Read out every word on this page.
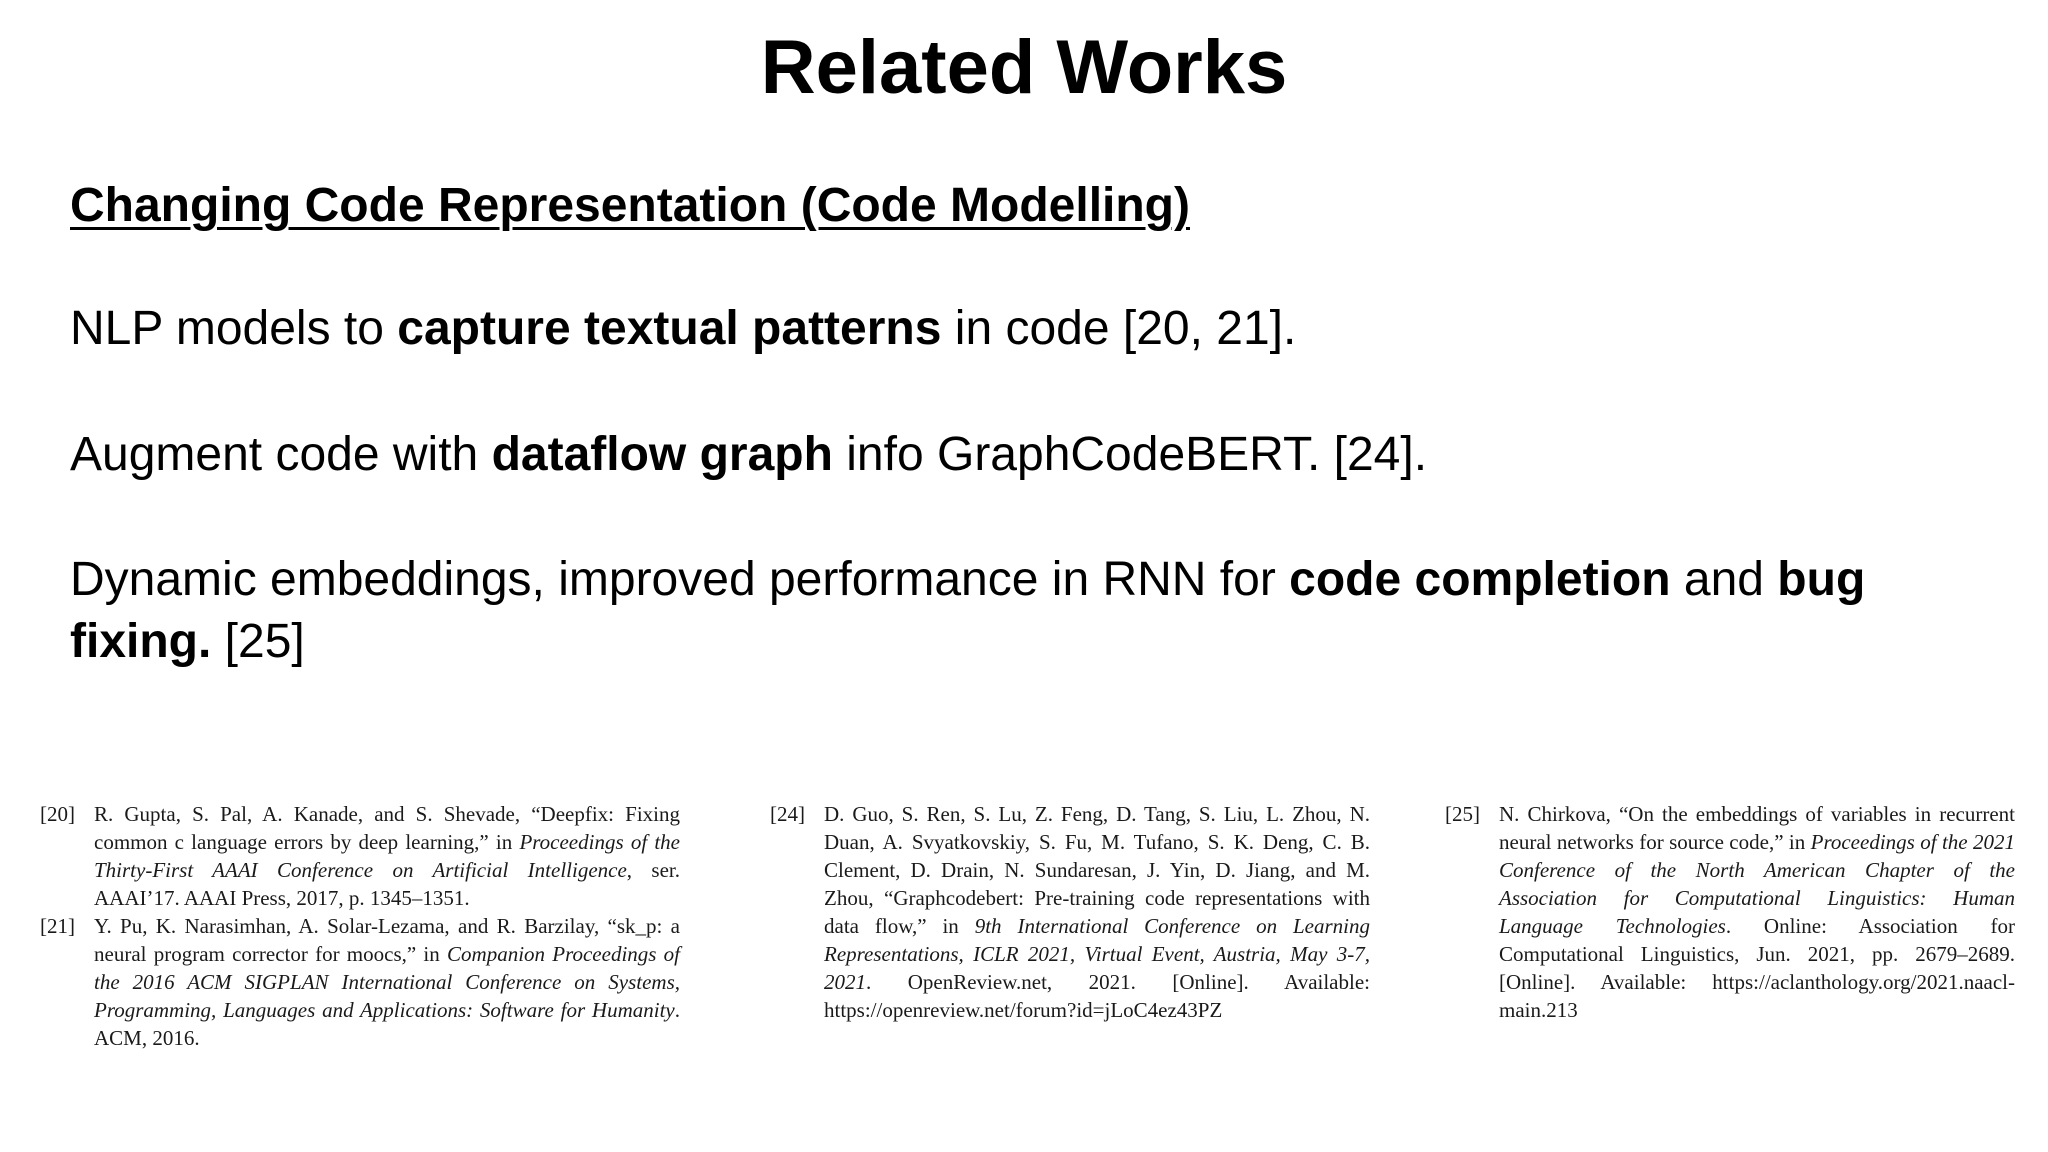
Related Works
Changing Code Representation (Code Modelling)
NLP models to capture textual patterns in code [20, 21].
Augment code with dataflow graph info GraphCodeBERT. [24].
Dynamic embeddings, improved performance in RNN for code completion and bug fixing. [25]
[20] R. Gupta, S. Pal, A. Kanade, and S. Shevade, “Deepfix: Fixing common c language errors by deep learning,” in Proceedings of the Thirty-First AAAI Conference on Artificial Intelligence, ser. AAAI’17. AAAI Press, 2017, p. 1345–1351.
[21] Y. Pu, K. Narasimhan, A. Solar-Lezama, and R. Barzilay, “sk_p: a neural program corrector for moocs,” in Companion Proceedings of the 2016 ACM SIGPLAN International Conference on Systems, Programming, Languages and Applications: Software for Humanity. ACM, 2016.
[24] D. Guo, S. Ren, S. Lu, Z. Feng, D. Tang, S. Liu, L. Zhou, N. Duan, A. Svyatkovskiy, S. Fu, M. Tufano, S. K. Deng, C. B. Clement, D. Drain, N. Sundaresan, J. Yin, D. Jiang, and M. Zhou, “Graphcodebert: Pre-training code representations with data flow,” in 9th International Conference on Learning Representations, ICLR 2021, Virtual Event, Austria, May 3-7, 2021. OpenReview.net, 2021. [Online]. Available: https://openreview.net/forum?id=jLoC4ez43PZ
[25] N. Chirkova, “On the embeddings of variables in recurrent neural networks for source code,” in Proceedings of the 2021 Conference of the North American Chapter of the Association for Computational Linguistics: Human Language Technologies. Online: Association for Computational Linguistics, Jun. 2021, pp. 2679–2689. [Online]. Available: https://aclanthology.org/2021.naacl-main.213
